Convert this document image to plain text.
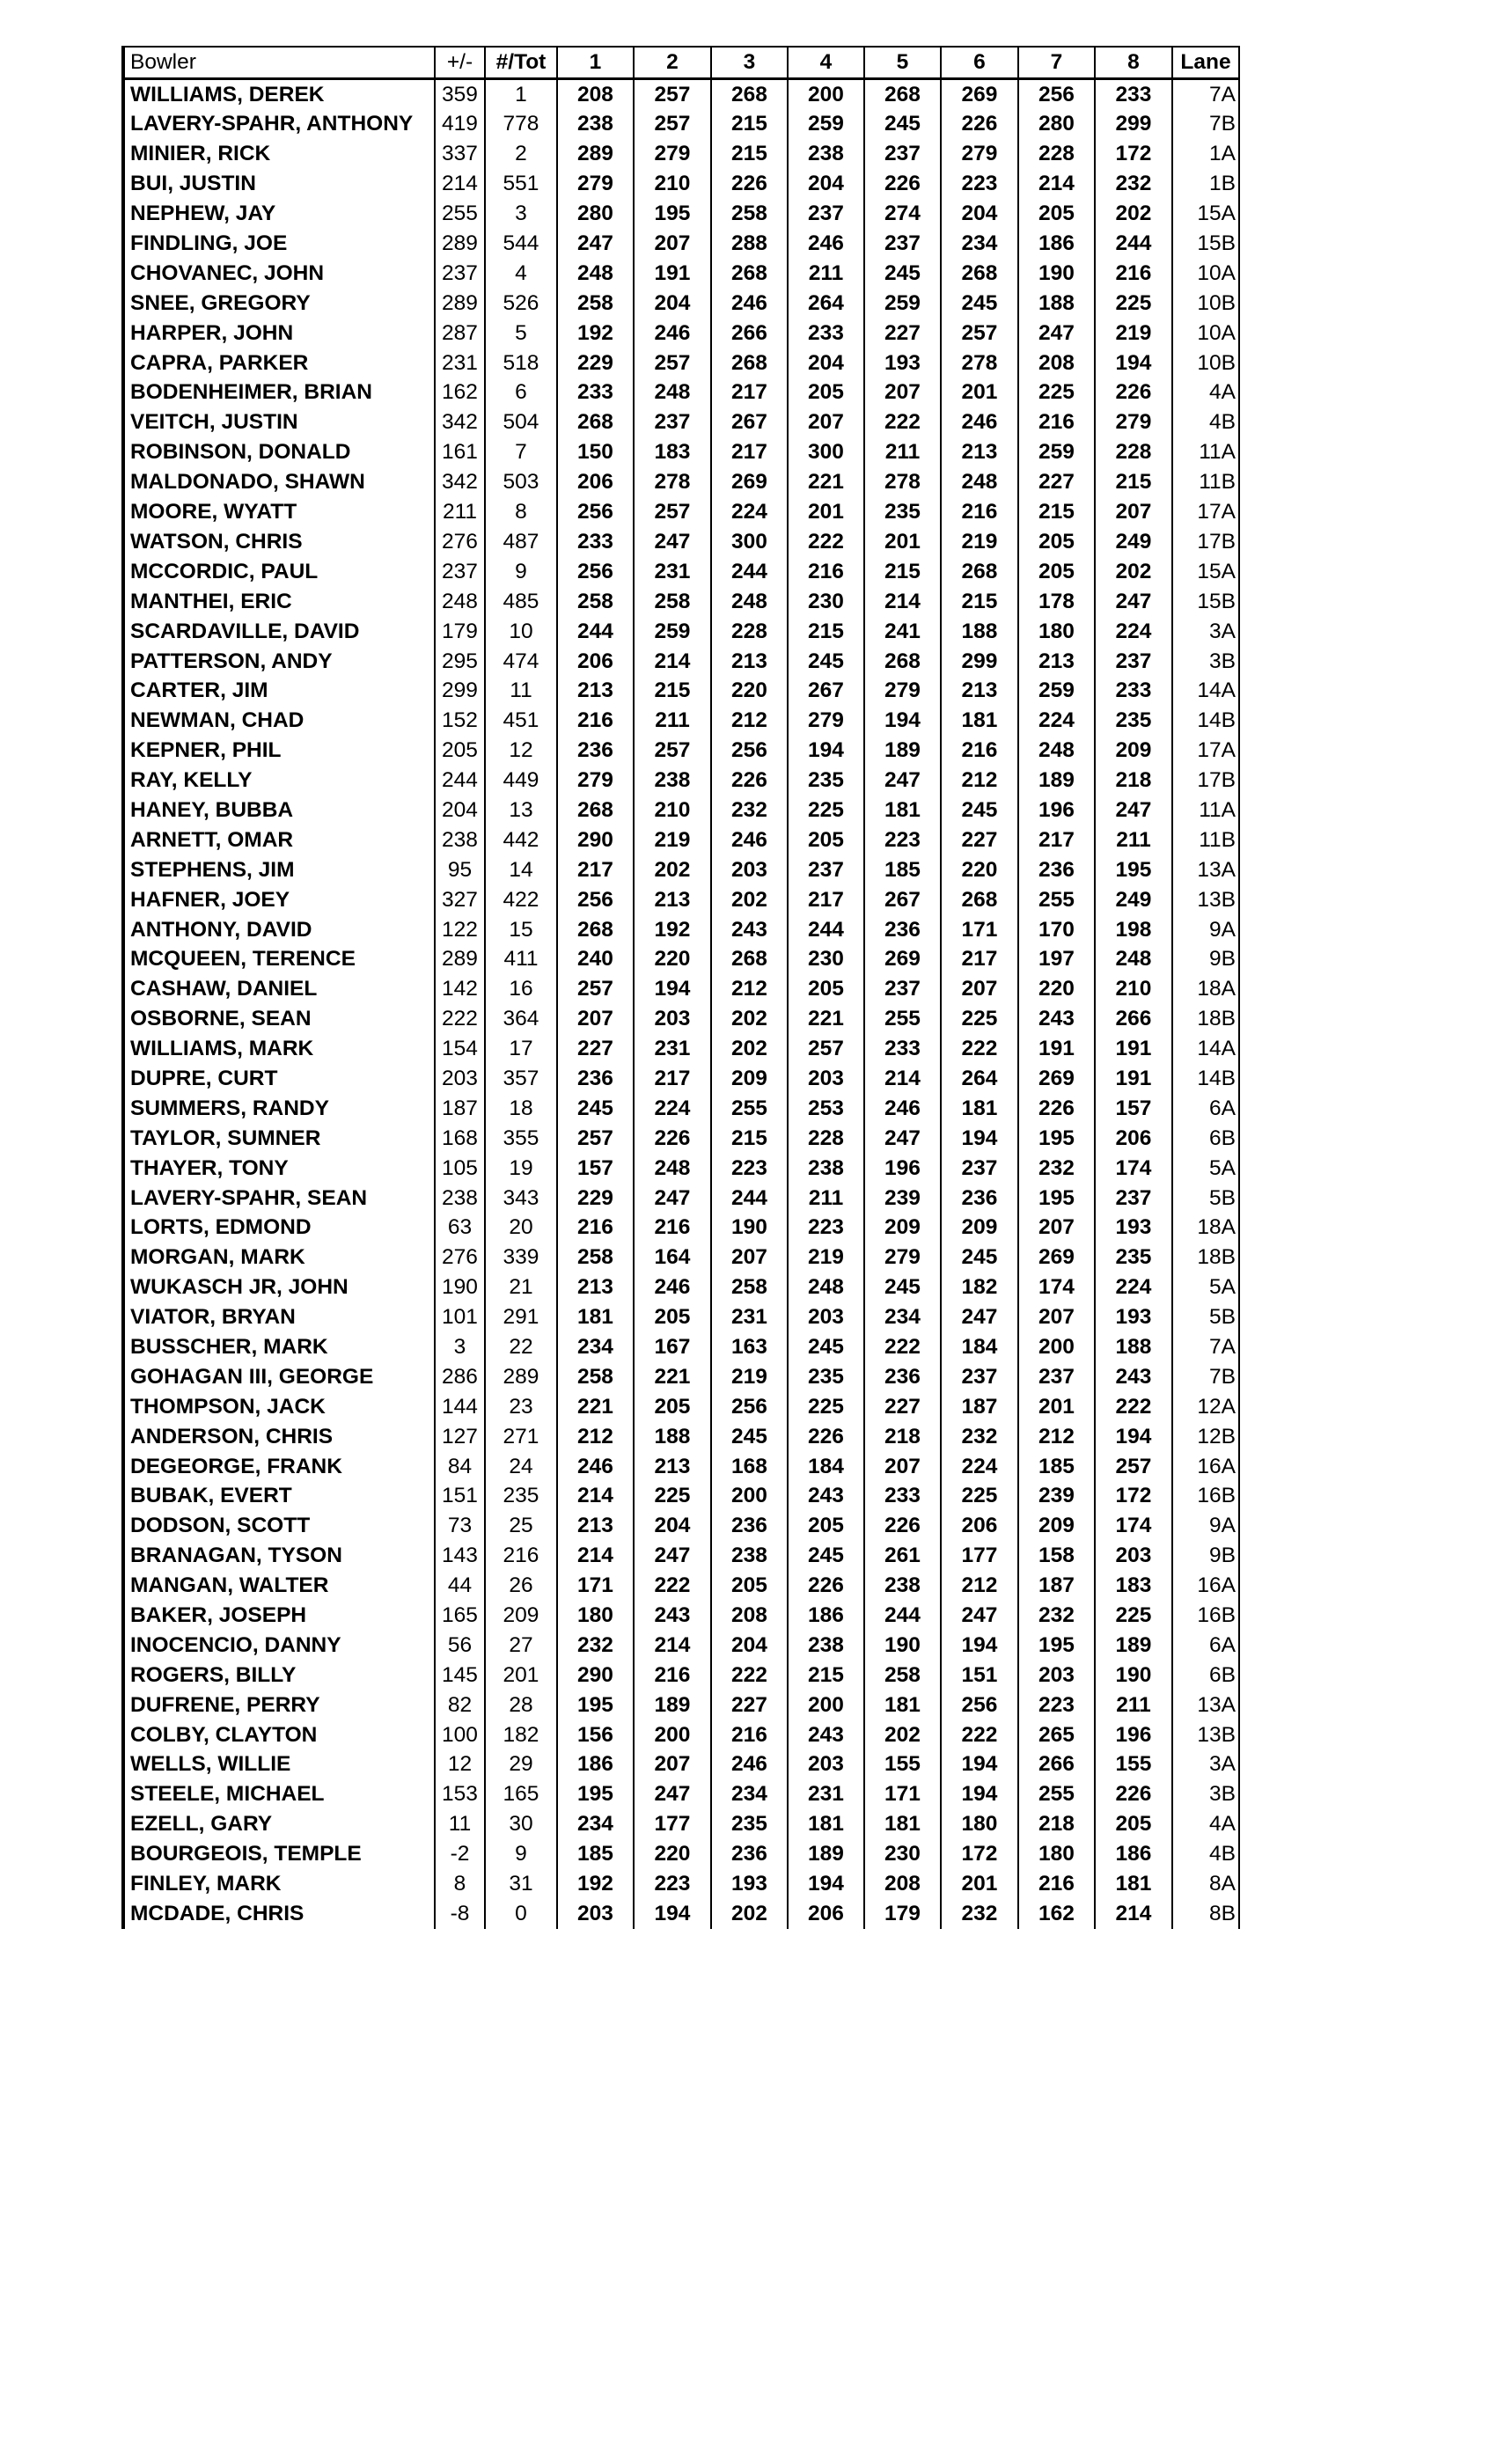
Bowler	+/-	#/Tot	1	2	3	4	5	6	7	8	Lane
WILLIAMS, DEREK	359	1	208	257	268	200	268	269	256	233	7A
LAVERY-SPAHR, ANTHONY	419	778	238	257	215	259	245	226	280	299	7B
MINIER, RICK	337	2	289	279	215	238	237	279	228	172	1A
BUI, JUSTIN	214	551	279	210	226	204	226	223	214	232	1B
NEPHEW, JAY	255	3	280	195	258	237	274	204	205	202	15A
FINDLING, JOE	289	544	247	207	288	246	237	234	186	244	15B
CHOVANEC, JOHN	237	4	248	191	268	211	245	268	190	216	10A
SNEE, GREGORY	289	526	258	204	246	264	259	245	188	225	10B
HARPER, JOHN	287	5	192	246	266	233	227	257	247	219	10A
CAPRA, PARKER	231	518	229	257	268	204	193	278	208	194	10B
BODENHEIMER, BRIAN	162	6	233	248	217	205	207	201	225	226	4A
VEITCH, JUSTIN	342	504	268	237	267	207	222	246	216	279	4B
ROBINSON, DONALD	161	7	150	183	217	300	211	213	259	228	11A
MALDONADO, SHAWN	342	503	206	278	269	221	278	248	227	215	11B
MOORE, WYATT	211	8	256	257	224	201	235	216	215	207	17A
WATSON, CHRIS	276	487	233	247	300	222	201	219	205	249	17B
MCCORDIC, PAUL	237	9	256	231	244	216	215	268	205	202	15A
MANTHEI, ERIC	248	485	258	258	248	230	214	215	178	247	15B
SCARDAVILLE, DAVID	179	10	244	259	228	215	241	188	180	224	3A
PATTERSON, ANDY	295	474	206	214	213	245	268	299	213	237	3B
CARTER, JIM	299	11	213	215	220	267	279	213	259	233	14A
NEWMAN, CHAD	152	451	216	211	212	279	194	181	224	235	14B
KEPNER, PHIL	205	12	236	257	256	194	189	216	248	209	17A
RAY, KELLY	244	449	279	238	226	235	247	212	189	218	17B
HANEY, BUBBA	204	13	268	210	232	225	181	245	196	247	11A
ARNETT, OMAR	238	442	290	219	246	205	223	227	217	211	11B
STEPHENS, JIM	95	14	217	202	203	237	185	220	236	195	13A
HAFNER, JOEY	327	422	256	213	202	217	267	268	255	249	13B
ANTHONY, DAVID	122	15	268	192	243	244	236	171	170	198	9A
MCQUEEN, TERENCE	289	411	240	220	268	230	269	217	197	248	9B
CASHAW, DANIEL	142	16	257	194	212	205	237	207	220	210	18A
OSBORNE, SEAN	222	364	207	203	202	221	255	225	243	266	18B
WILLIAMS, MARK	154	17	227	231	202	257	233	222	191	191	14A
DUPRE, CURT	203	357	236	217	209	203	214	264	269	191	14B
SUMMERS, RANDY	187	18	245	224	255	253	246	181	226	157	6A
TAYLOR, SUMNER	168	355	257	226	215	228	247	194	195	206	6B
THAYER, TONY	105	19	157	248	223	238	196	237	232	174	5A
LAVERY-SPAHR, SEAN	238	343	229	247	244	211	239	236	195	237	5B
LORTS, EDMOND	63	20	216	216	190	223	209	209	207	193	18A
MORGAN, MARK	276	339	258	164	207	219	279	245	269	235	18B
WUKASCH JR, JOHN	190	21	213	246	258	248	245	182	174	224	5A
VIATOR, BRYAN	101	291	181	205	231	203	234	247	207	193	5B
BUSSCHER, MARK	3	22	234	167	163	245	222	184	200	188	7A
GOHAGAN III, GEORGE	286	289	258	221	219	235	236	237	237	243	7B
THOMPSON, JACK	144	23	221	205	256	225	227	187	201	222	12A
ANDERSON, CHRIS	127	271	212	188	245	226	218	232	212	194	12B
DEGEORGE, FRANK	84	24	246	213	168	184	207	224	185	257	16A
BUBAK, EVERT	151	235	214	225	200	243	233	225	239	172	16B
DODSON, SCOTT	73	25	213	204	236	205	226	206	209	174	9A
BRANAGAN, TYSON	143	216	214	247	238	245	261	177	158	203	9B
MANGAN, WALTER	44	26	171	222	205	226	238	212	187	183	16A
BAKER, JOSEPH	165	209	180	243	208	186	244	247	232	225	16B
INOCENCIO, DANNY	56	27	232	214	204	238	190	194	195	189	6A
ROGERS, BILLY	145	201	290	216	222	215	258	151	203	190	6B
DUFRENE, PERRY	82	28	195	189	227	200	181	256	223	211	13A
COLBY, CLAYTON	100	182	156	200	216	243	202	222	265	196	13B
WELLS, WILLIE	12	29	186	207	246	203	155	194	266	155	3A
STEELE, MICHAEL	153	165	195	247	234	231	171	194	255	226	3B
EZELL, GARY	11	30	234	177	235	181	181	180	218	205	4A
BOURGEOIS, TEMPLE	-2	9	185	220	236	189	230	172	180	186	4B
FINLEY, MARK	8	31	192	223	193	194	208	201	216	181	8A
MCDADE, CHRIS	-8	0	203	194	202	206	179	232	162	214	8B
